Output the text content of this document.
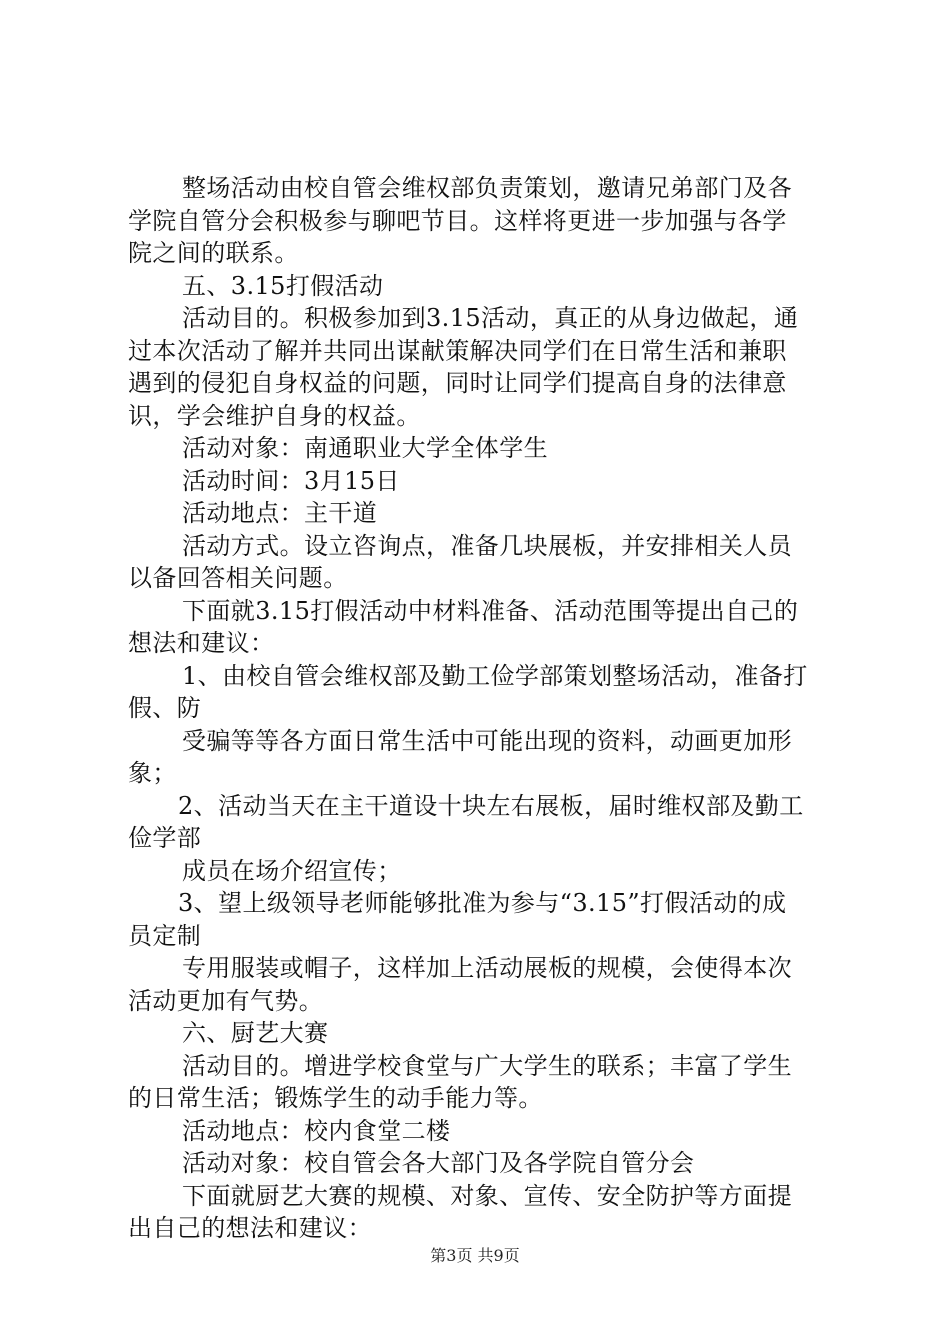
整场活动由校自管会维权部负责策划，邀请兄弟部门及各
学院自管分会积极参与聊吧节目。这样将更进一步加强与各学
院之间的联系。
五、3.15打假活动
活动目的。积极参加到3.15活动，真正的从身边做起，通
过本次活动了解并共同出谋献策解决同学们在日常生活和兼职
遇到的侵犯自身权益的问题，同时让同学们提高自身的法律意
识，学会维护自身的权益。
活动对象：南通职业大学全体学生
活动时间：3月15日
活动地点：主干道
活动方式。设立咨询点，准备几块展板，并安排相关人员
以备回答相关问题。
下面就3.15打假活动中材料准备、活动范围等提出自己的
想法和建议：
1、由校自管会维权部及勤工俭学部策划整场活动，准备打
假、防
受骗等等各方面日常生活中可能出现的资料，动画更加形
象；
2、活动当天在主干道设十块左右展板，届时维权部及勤工
俭学部
成员在场介绍宣传；
3、望上级领导老师能够批准为参与“3.15”打假活动的成
员定制
专用服装或帽子，这样加上活动展板的规模，会使得本次
活动更加有气势。
六、厨艺大赛
活动目的。增进学校食堂与广大学生的联系；丰富了学生
的日常生活；锻炼学生的动手能力等。
活动地点：校内食堂二楼
活动对象：校自管会各大部门及各学院自管分会
下面就厨艺大赛的规模、对象、宣传、安全防护等方面提
出自己的想法和建议：
第3页 共9页
